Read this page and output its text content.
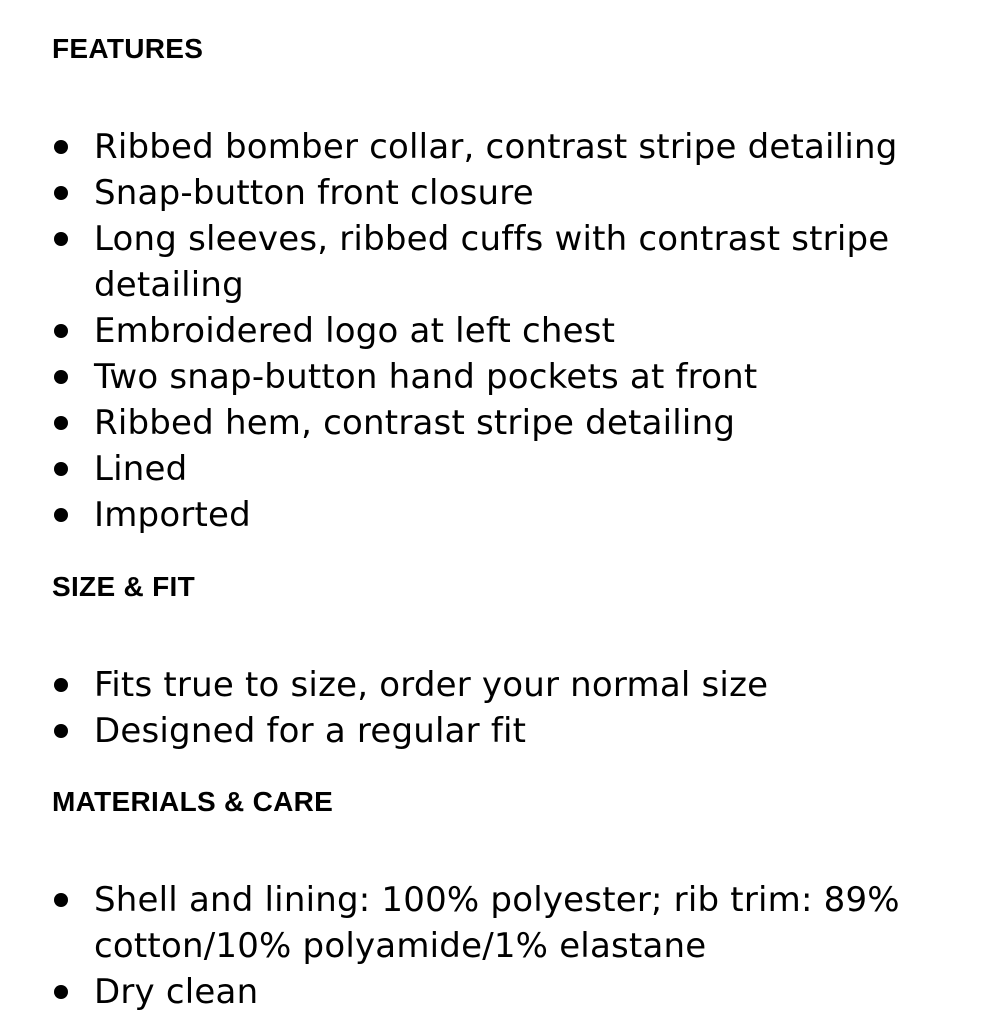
FEATURES
Ribbed bomber collar, contrast stripe detailing
Snap-button front closure
Long sleeves, ribbed cuffs with contrast stripe detailing
Embroidered logo at left chest
Two snap-button hand pockets at front
Ribbed hem, contrast stripe detailing
Lined
Imported
SIZE & FIT
Fits true to size, order your normal size
Designed for a regular fit
MATERIALS & CARE
Shell and lining: 100% polyester; rib trim: 89% cotton/10% polyamide/1% elastane
Dry clean
